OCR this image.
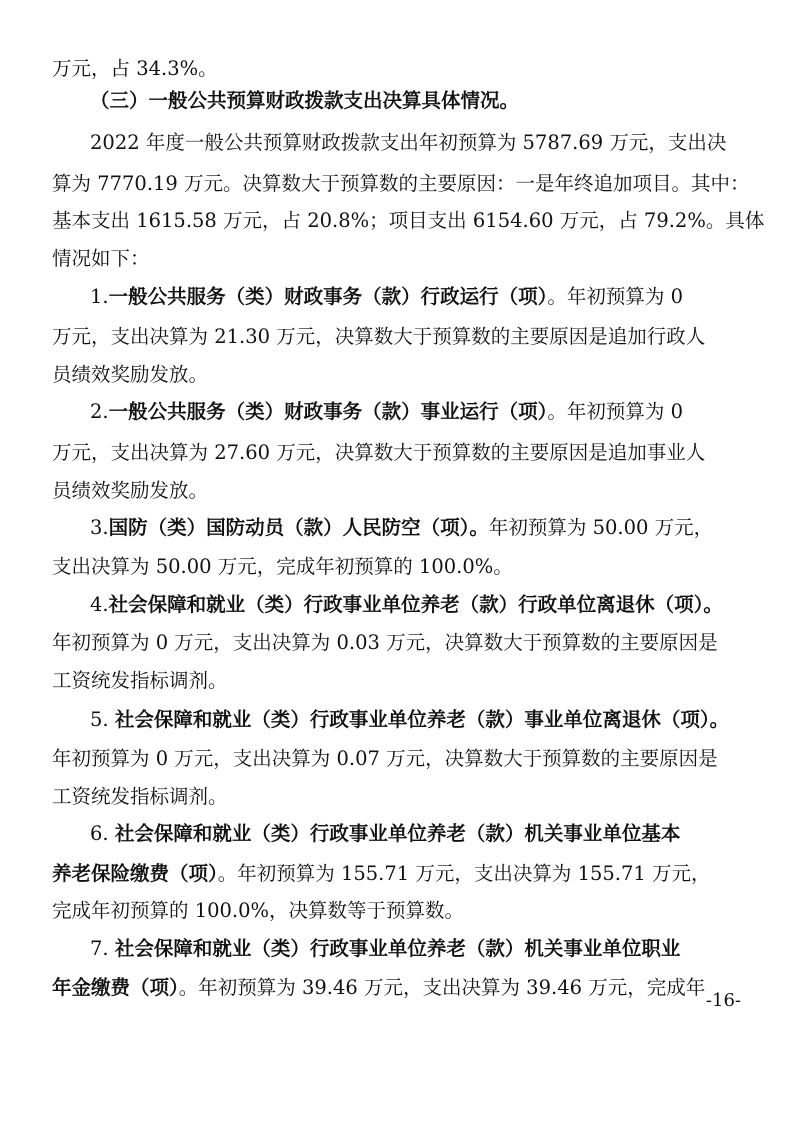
万元，占 34.3%。
（三）一般公共预算财政拨款支出决算具体情况。
2022 年度一般公共预算财政拨款支出年初预算为 5787.69 万元，支出决
算为 7770.19 万元。决算数大于预算数的主要原因：一是年终追加项目。其中：
基本支出 1615.58 万元，占 20.8%；项目支出 6154.60 万元，占 79.2%。具体
情况如下：
1.一般公共服务（类）财政事务（款）行政运行（项）。年初预算为 0
万元，支出决算为 21.30 万元，决算数大于预算数的主要原因是追加行政人
员绩效奖励发放。
2.一般公共服务（类）财政事务（款）事业运行（项）。年初预算为 0
万元，支出决算为 27.60 万元，决算数大于预算数的主要原因是追加事业人
员绩效奖励发放。
3.国防（类）国防动员（款）人民防空（项）。年初预算为 50.00 万元，
支出决算为 50.00 万元，完成年初预算的 100.0%。
4.社会保障和就业（类）行政事业单位养老（款）行政单位离退休（项）。
年初预算为 0 万元，支出决算为 0.03 万元，决算数大于预算数的主要原因是
工资统发指标调剂。
5. 社会保障和就业（类）行政事业单位养老（款）事业单位离退休（项）。
年初预算为 0 万元，支出决算为 0.07 万元，决算数大于预算数的主要原因是
工资统发指标调剂。
6. 社会保障和就业（类）行政事业单位养老（款）机关事业单位基本
养老保险缴费（项）。年初预算为 155.71 万元，支出决算为 155.71 万元，
完成年初预算的 100.0%，决算数等于预算数。
7. 社会保障和就业（类）行政事业单位养老（款）机关事业单位职业
年金缴费（项）。年初预算为 39.46 万元，支出决算为 39.46 万元，完成年
-16-
